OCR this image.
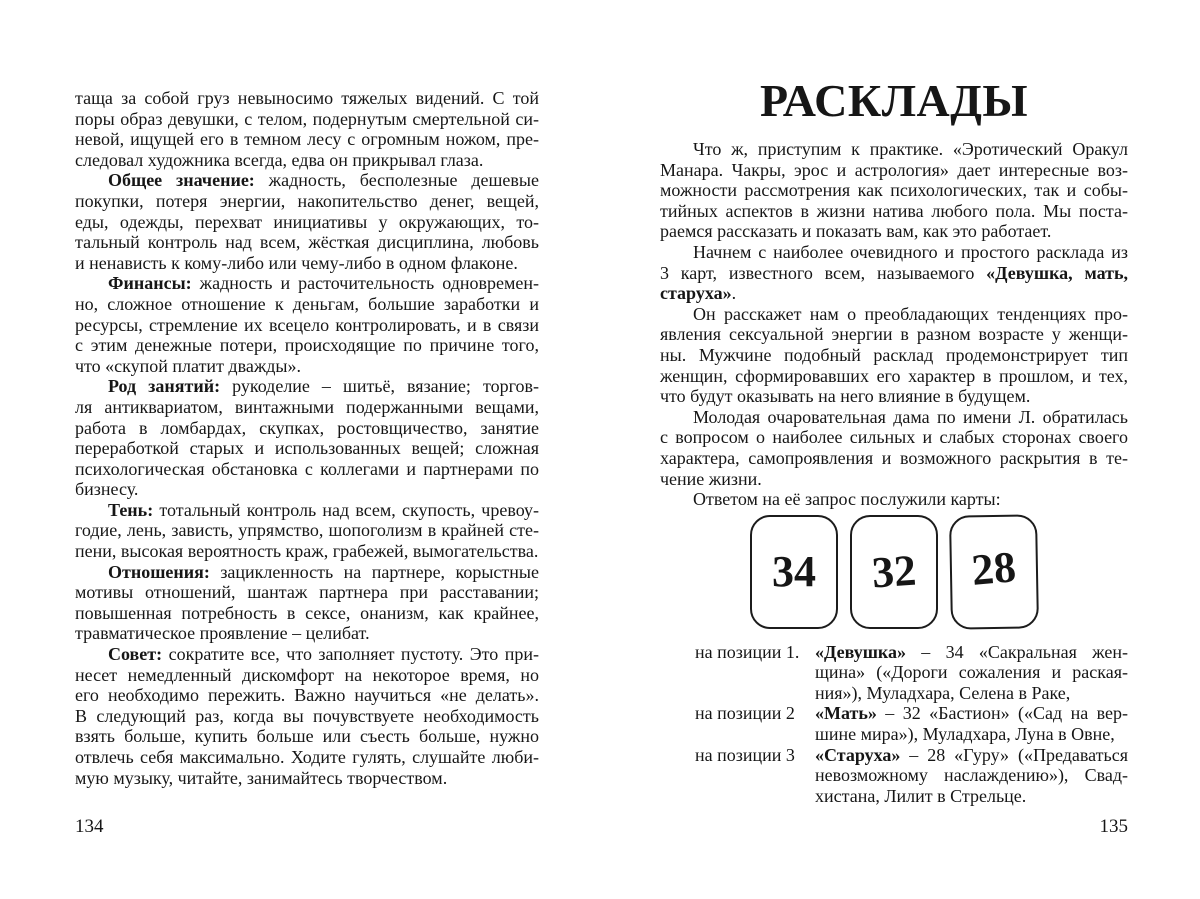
таща за собой груз невыносимо тяжелых видений. С той
поры образ девушки, с телом, подернутым смертельной си-
невой, ищущей его в темном лесу с огромным ножом, пре-
следовал художника всегда, едва он прикрывал глаза.
Общее значение: жадность, бесполезные дешевые
покупки, потеря энергии, накопительство денег, вещей,
еды, одежды, перехват инициативы у окружающих, то-
тальный контроль над всем, жёсткая дисциплина, любовь
и ненависть к кому-либо или чему-либо в одном флаконе.
Финансы: жадность и расточительность одновремен-
но, сложное отношение к деньгам, большие заработки и
ресурсы, стремление их всецело контролировать, и в связи
с этим денежные потери, происходящие по причине того,
что «скупой платит дважды».
Род занятий: рукоделие – шитьё, вязание; торгов-
ля антиквариатом, винтажными подержанными вещами,
работа в ломбардах, скупках, ростовщичество, занятие
переработкой старых и использованных вещей; сложная
психологическая обстановка с коллегами и партнерами по
бизнесу.
Тень: тотальный контроль над всем, скупость, чревоу-
годие, лень, зависть, упрямство, шопоголизм в крайней сте-
пени, высокая вероятность краж, грабежей, вымогательства.
Отношения: зацикленность на партнере, корыстные
мотивы отношений, шантаж партнера при расставании;
повышенная потребность в сексе, онанизм, как крайнее,
травматическое проявление – целибат.
Совет: сократите все, что заполняет пустоту. Это при-
несет немедленный дискомфорт на некоторое время, но
его необходимо пережить. Важно научиться «не делать».
В следующий раз, когда вы почувствуете необходимость
взять больше, купить больше или съесть больше, нужно
отвлечь себя максимально. Ходите гулять, слушайте люби-
мую музыку, читайте, занимайтесь творчеством.
РАСКЛАДЫ
Что ж, приступим к практике. «Эротический Оракул
Манара. Чакры, эрос и астрология» дает интересные воз-
можности рассмотрения как психологических, так и собы-
тийных аспектов в жизни натива любого пола. Мы поста-
раемся рассказать и показать вам, как это работает.
Начнем с наиболее очевидного и простого расклада из
3 карт, известного всем, называемого «Девушка, мать,
старуха».
Он расскажет нам о преобладающих тенденциях про-
явления сексуальной энергии в разном возрасте у женщи-
ны. Мужчине подобный расклад продемонстрирует тип
женщин, сформировавших его характер в прошлом, и тех,
что будут оказывать на него влияние в будущем.
Молодая очаровательная дама по имени Л. обратилась
с вопросом о наиболее сильных и слабых сторонах своего
характера, самопроявления и возможного раскрытия в те-
чение жизни.
Ответом на её запрос послужили карты:
34 32 28
на позиции 1. «Девушка» – 34 «Сакральная жен-
щина» («Дороги сожаления и раская-
ния»), Муладхара, Селена в Раке,
на позиции 2	«Мать» – 32 «Бастион» («Сад на вер-
шине мира»), Муладхара, Луна в Овне,
на позиции 3	«Старуха» – 28 «Гуру» («Предаваться
невозможному наслаждению»), Свад-
хистана, Лилит в Стрельце.
134	135
